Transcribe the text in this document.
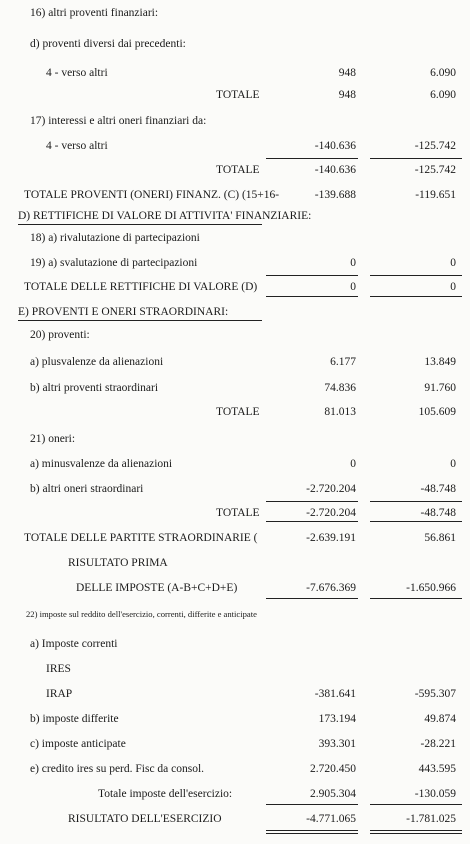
16) altri proventi finanziari:
d) proventi diversi dai precedenti:
4 - verso altri	948	6.090
TOTALE	948	6.090
17) interessi e altri oneri finanziari da:
4 - verso altri	-140.636	-125.742
TOTALE	-140.636	-125.742
TOTALE PROVENTI (ONERI) FINANZ. (C) (15+16-	-139.688	-119.651
D) RETTIFICHE DI VALORE DI ATTIVITA' FINANZIARIE:
18) a) rivalutazione di partecipazioni
19) a) svalutazione di partecipazioni	0	0
TOTALE DELLE RETTIFICHE DI VALORE (D)	0	0
E) PROVENTI E ONERI STRAORDINARI:
20) proventi:
a) plusvalenze da alienazioni	6.177	13.849
b) altri proventi straordinari	74.836	91.760
TOTALE	81.013	105.609
21) oneri:
a) minusvalenze da alienazioni	0	0
b) altri oneri straordinari	-2.720.204	-48.748
TOTALE	-2.720.204	-48.748
TOTALE DELLE PARTITE STRAORDINARIE (	-2.639.191	56.861
RISULTATO PRIMA
DELLE IMPOSTE (A-B+C+D+E)	-7.676.369	-1.650.966
22) imposte sul reddito dell'esercizio, correnti, differite e anticipate
a) Imposte correnti
IRES
IRAP	-381.641	-595.307
b) imposte differite	173.194	49.874
c) imposte anticipate	393.301	-28.221
e) credito ires su perd. Fisc da consol.	2.720.450	443.595
Totale imposte dell'esercizio:	2.905.304	-130.059
RISULTATO DELL'ESERCIZIO	-4.771.065	-1.781.025
